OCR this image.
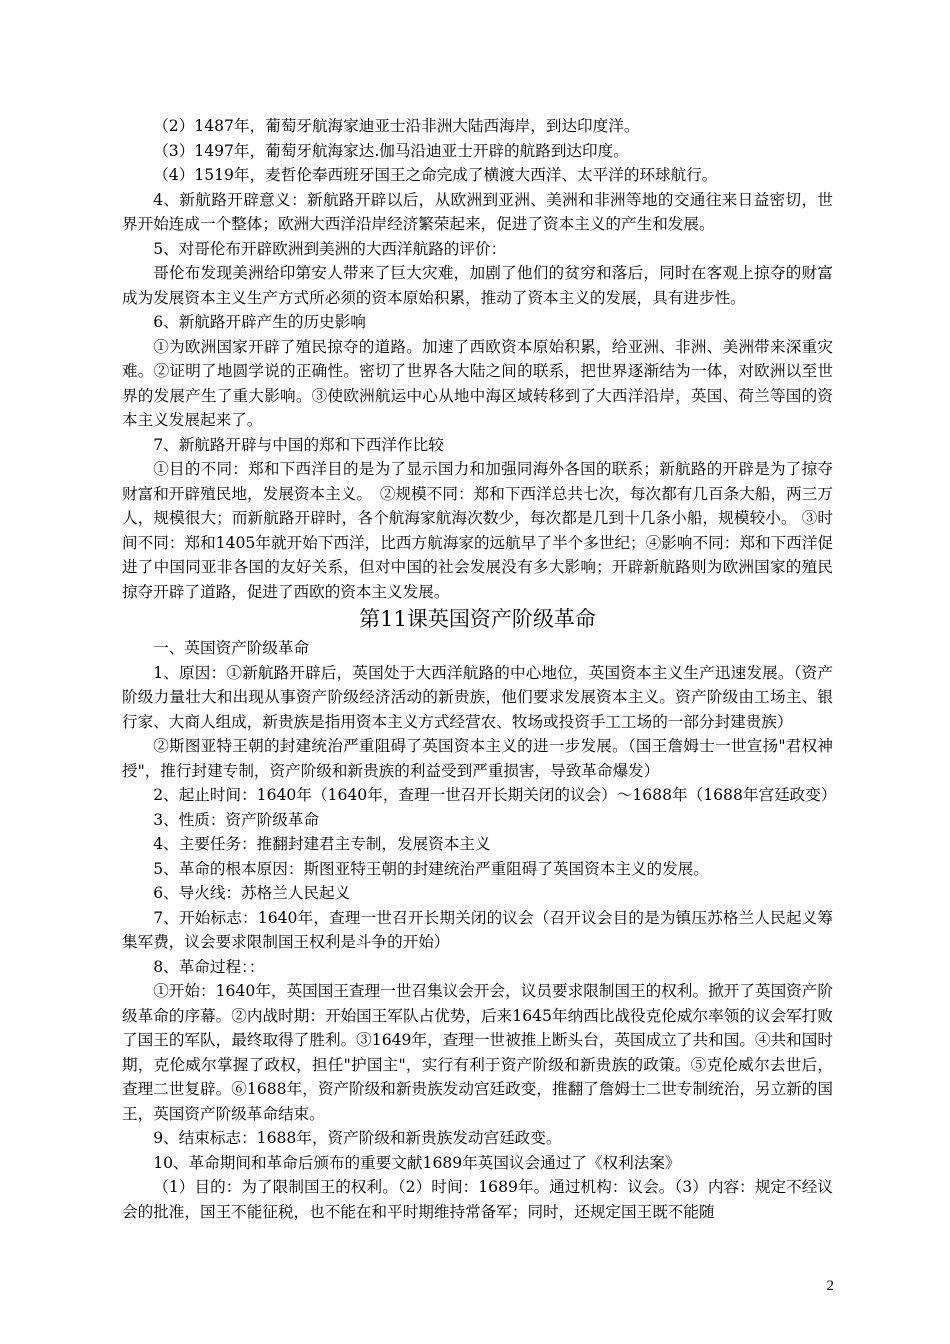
（2）1487年，葡萄牙航海家迪亚士沿非洲大陆西海岸，到达印度洋。

（3）1497年，葡萄牙航海家达.伽马沿迪亚士开辟的航路到达印度。

（4）1519年，麦哲伦奉西班牙国王之命完成了横渡大西洋、太平洋的环球航行。

4、新航路开辟意义：新航路开辟以后，从欧洲到亚洲、美洲和非洲等地的交通往来日益密切，世界开始连成一个整体；欧洲大西洋沿岸经济繁荣起来，促进了资本主义的产生和发展。

5、对哥伦布开辟欧洲到美洲的大西洋航路的评价：

哥伦布发现美洲给印第安人带来了巨大灾难，加剧了他们的贫穷和落后，同时在客观上掠夺的财富成为发展资本主义生产方式所必须的资本原始积累，推动了资本主义的发展，具有进步性。

6、新航路开辟产生的历史影响

①为欧洲国家开辟了殖民掠夺的道路。加速了西欧资本原始积累，给亚洲、非洲、美洲带来深重灾难。②证明了地圆学说的正确性。密切了世界各大陆之间的联系，把世界逐渐结为一体，对欧洲以至世界的发展产生了重大影响。③使欧洲航运中心从地中海区域转移到了大西洋沿岸，英国、荷兰等国的资本主义发展起来了。

7、新航路开辟与中国的郑和下西洋作比较

①目的不同：郑和下西洋目的是为了显示国力和加强同海外各国的联系；新航路的开辟是为了掠夺财富和开辟殖民地，发展资本主义。　②规模不同：郑和下西洋总共七次，每次都有几百条大船，两三万人，规模很大；而新航路开辟时，各个航海家航海次数少，每次都是几到十几条小船，规模较小。 ③时间不同：郑和1405年就开始下西洋，比西方航海家的远航早了半个多世纪；④影响不同：郑和下西洋促进了中国同亚非各国的友好关系，但对中国的社会发展没有多大影响；开辟新航路则为欧洲国家的殖民掠夺开辟了道路，促进了西欧的资本主义发展。

第11课英国资产阶级革命

一、英国资产阶级革命

1、原因：①新航路开辟后，英国处于大西洋航路的中心地位，英国资本主义生产迅速发展。（资产阶级力量壮大和出现从事资产阶级经济活动的新贵族，他们要求发展资本主义。资产阶级由工场主、银行家、大商人组成，新贵族是指用资本主义方式经营农、牧场或投资手工工场的一部分封建贵族）

②斯图亚特王朝的封建统治严重阻碍了英国资本主义的进一步发展。（国王詹姆士一世宣扬"君权神授"，推行封建专制，资产阶级和新贵族的利益受到严重损害，导致革命爆发）

2、起止时间：1640年（1640年，查理一世召开长期关闭的议会）～1688年（1688年宫廷政变）

3、性质：资产阶级革命

4、主要任务：推翻封建君主专制，发展资本主义

5、革命的根本原因：斯图亚特王朝的封建统治严重阻碍了英国资本主义的发展。

6、导火线：苏格兰人民起义

7、开始标志：1640年，查理一世召开长期关闭的议会（召开议会目的是为镇压苏格兰人民起义筹集军费，议会要求限制国王权利是斗争的开始）

8、革命过程：：

①开始：1640年，英国国王查理一世召集议会开会，议员要求限制国王的权利。掀开了英国资产阶级革命的序幕。②内战时期：开始国王军队占优势，后来1645年纳西比战役克伦威尔率领的议会军打败了国王的军队，最终取得了胜利。③1649年，查理一世被推上断头台，英国成立了共和国。④共和国时期，克伦威尔掌握了政权，担任"护国主"，实行有利于资产阶级和新贵族的政策。⑤克伦威尔去世后，查理二世复辟。⑥1688年，资产阶级和新贵族发动宫廷政变，推翻了詹姆士二世专制统治，另立新的国王，英国资产阶级革命结束。

9、结束标志：1688年，资产阶级和新贵族发动宫廷政变。

10、革命期间和革命后颁布的重要文献1689年英国议会通过了《权利法案》

（1）目的：为了限制国王的权利。（2）时间：1689年。通过机构：议会。（3）内容：规定不经议会的批准，国王不能征税，也不能在和平时期维持常备军；同时，还规定国王既不能随

2
